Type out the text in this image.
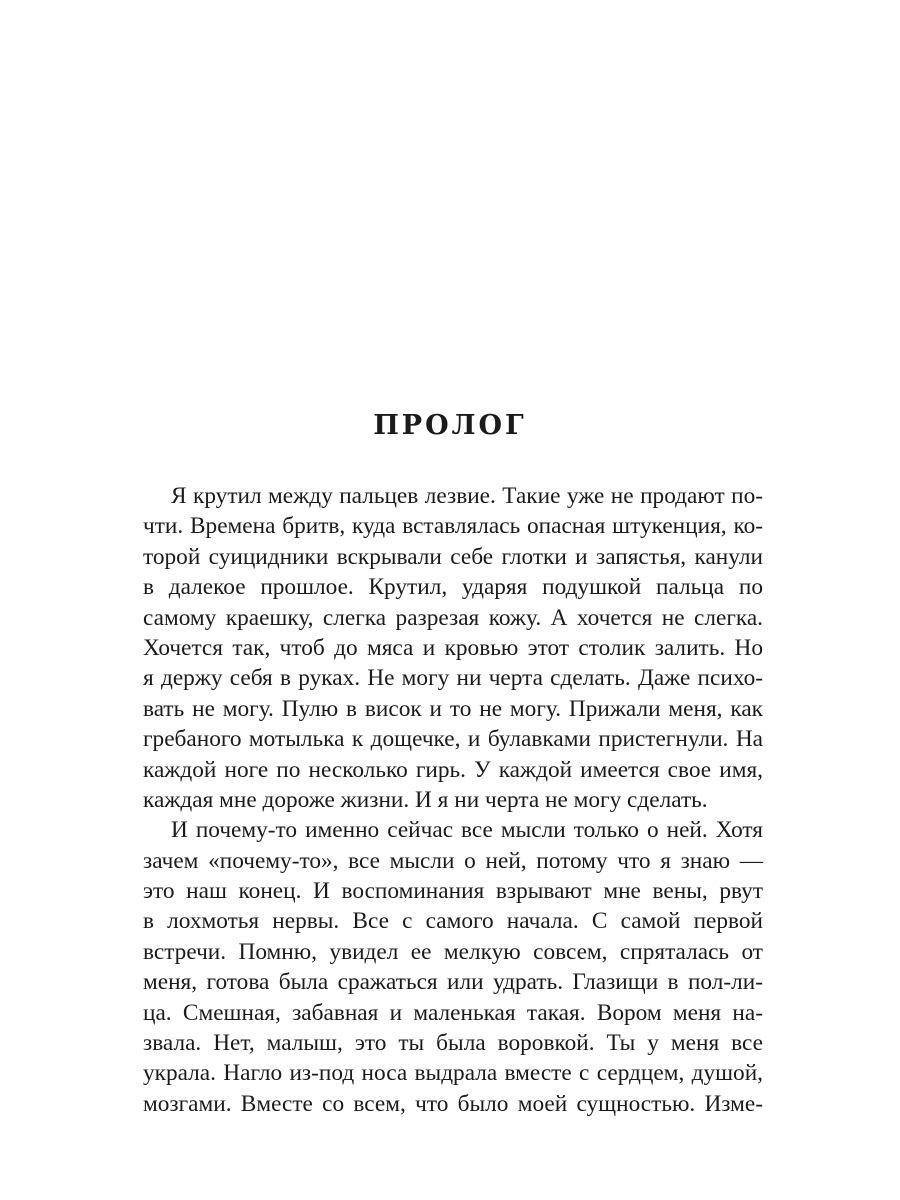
ПРОЛОГ
Я крутил между пальцев лезвие. Такие уже не продают по-
чти. Времена бритв, куда вставлялась опасная штукенция, ко-
торой суицидники вскрывали себе глотки и запястья, канули
в далекое прошлое. Крутил, ударяя подушкой пальца по
самому краешку, слегка разрезая кожу. А хочется не слегка.
Хочется так, чтоб до мяса и кровью этот столик залить. Но
я держу себя в руках. Не могу ни черта сделать. Даже психо-
вать не могу. Пулю в висок и то не могу. Прижали меня, как
гребаного мотылька к дощечке, и булавками пристегнули. На
каждой ноге по несколько гирь. У каждой имеется свое имя,
каждая мне дороже жизни. И я ни черта не могу сделать.
И почему-то именно сейчас все мысли только о ней. Хотя
зачем «почему-то», все мысли о ней, потому что я знаю —
это наш конец. И воспоминания взрывают мне вены, рвут
в лохмотья нервы. Все с самого начала. С самой первой
встречи. Помню, увидел ее мелкую совсем, спряталась от
меня, готова была сражаться или удрать. Глазищи в пол-ли-
ца. Смешная, забавная и маленькая такая. Вором меня на-
звала. Нет, малыш, это ты была воровкой. Ты у меня все
украла. Нагло из-под носа выдрала вместе с сердцем, душой,
мозгами. Вместе со всем, что было моей сущностью. Изме-
